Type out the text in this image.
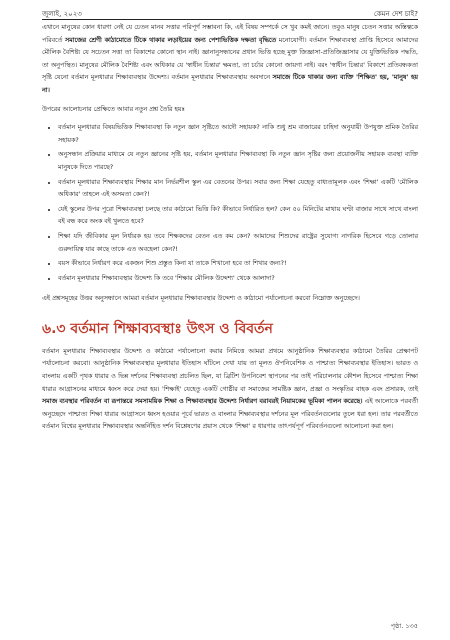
জুলাই, ২০২৩	কেমন দেশ চাই?

এখানে মানুষের কোন ধারণা নেই যে চেতন মানব সত্তার পরিপূর্ণ সম্ভাবনা কি, এই বিষয় সম্পর্কে সে খুব কমই জানে। তবুও মানুষ চেতন সত্তার অস্তিত্বকে পরিবর্তে সমাজের শ্রেণী কাঠামোতে টিকে থাকার লড়াইয়ের জন্য পেশাভিত্তিক দক্ষতা বৃদ্ধিতে মনোযোগী। বর্তমান শিক্ষাব্যবস্থা প্রাপ্তি হিসেবে আমাদের মৌলিক বৈশিষ্ট্য যে সচেতন সত্তা তা বিকাশের কোনো স্থান নাই। জ্ঞানানুসন্ধানের প্রধান ভিত্তি হচ্ছে মুক্ত জিজ্ঞাসা-প্রতিজিজ্ঞাসার যে যুক্তিভিত্তিক পদ্ধতি, তা অনুপস্থিত। মানুষের মৌলিক বৈশিষ্ট্য এবং অধিকার যে 'স্বাধীন চিন্তার' ক্ষমতা, তা চর্চার কোনো জায়গা নাই। বরং 'স্বাধীন চিন্তার' বিকাশে প্রতিবন্ধকতা সৃষ্টি যেনো বর্তমান মূলধারার শিক্ষাব্যবস্থার উদ্দেশ্য। বর্তমান মূলধারার শিক্ষাব্যবস্থায় অবদানে সমাজে টিকে থাকার জন্য ব্যক্তি 'শিক্ষিত' হয়, 'মানুষ' হয় না।

উপরের আলোচনার প্রেক্ষিতে আবার নতুন প্রশ্ন তৈরি হয়ঃ

• বর্তমান মূলধারার বিষয়ভিত্তিক শিক্ষাব্যবস্থা কি নতুন জ্ঞান সৃষ্টিতে আদৌ সহায়ক? নাকি শুধু শ্রম বাজারের চাহিদা অনুযায়ী উপযুক্ত শ্রমিক তৈরির সহায়ক?
• অনুসন্ধান প্রক্রিয়ার মাধ্যমে যে নতুন জ্ঞানের সৃষ্টি হয়, বর্তমান মূলধারার শিক্ষাব্যবস্থা কি নতুন জ্ঞান সৃষ্টির জন্য প্রয়োজনীয় সহায়ক ব্যবস্থা ব্যক্তি মানুষকে দিতে পারছে?
• বর্তমান মূলধারার শিক্ষাব্যবস্থায় শিক্ষার মান নির্ভরশীল স্কুল এর বেতনের উপর। সবার জন্য শিক্ষা যেহেতু বাধ্যতামূলক এবং 'শিক্ষা' একটি 'মৌলিক অধিকার' তাহলে এই অসমতা কেন?!
• যেই স্কুলের উপর পুরো শিক্ষাব্যবস্থা চলছে তার কাঠামো ভিত্তি কি? কীভাবে নির্ধারিত হল? কেন ৫০ মিনিটের মাথায় ঘণ্টা বাজার সাথে সাথে বাংলা বই বন্ধ করে অংক বই খুলতে হবে?
• শিক্ষা যদি জীবিকার মূল নির্ধারক হয় তবে শিক্ষকদের বেতন এত কম কেন? আমাদের শিশুদের রাষ্ট্রের সুযোগ্য নাগরিক হিসেবে গড়ে তোলার গুরুদায়িত্ব যার কাছে তাকে এত অবহেলা কেন?!
• বয়স কীভাবে নির্ধারণ করে একজন শিশু প্রস্তুত কিনা যা তাকে শিখানো হবে তা শিখার জন্য?!
• বর্তমান মূলধারার শিক্ষাব্যবস্থার উদ্দেশ্য কি তবে 'শিক্ষার মৌলিক উদ্দেশ্য' থেকে আলাদা?

এই প্রশ্নসমূহের উত্তর অনুসন্ধানে আমরা বর্তমান মূলধারার শিক্ষাব্যবস্থার উদ্দেশ্য ও কাঠামো পর্যালোচনা করবো নিম্নোক্ত অনুচ্ছেদে।

৬.৩ বর্তমান শিক্ষাব্যবস্থাঃ উৎস ও বিবর্তন

বর্তমান মূলধারার শিক্ষাব্যবস্থার উদ্দেশ্য ও কাঠামো পর্যালোচনা করার নিমিত্তে আমরা প্রথমে আনুষ্ঠানিক শিক্ষাব্যবস্থার কাঠামো তৈরির প্রেক্ষাপট পর্যালোচনা করবো। আনুষ্ঠানিক শিক্ষাব্যবস্থার মূলধারার ইতিহাস ঘাঁটলে দেখা যায় তা মূলত ঔপনিবেশিক ও পাশ্চাত্য শিক্ষাব্যবস্থার ইতিহাস। ভারত ও বাংলায় একটি পৃথক ধারার ও ভিন্ন দর্শনের শিক্ষাব্যবস্থা প্রচলিত ছিল, যা ব্রিটিশ উপনিবেশ স্থাপনের পর তাই পরিচালনার কৌশল হিসেবে পাশ্চাত্য শিক্ষা ধারার আগ্রাসনের মাধ্যমে ধ্বংস করে দেয়া হয়। 'শিক্ষাই' যেহেতু একটি গোষ্ঠীর বা সমাজের সামষ্টিক জ্ঞান, প্রজ্ঞা ও সংস্কৃতির বাহক এবং প্রসারক, তাই সমাজ ব্যবস্থার পরিবর্তন বা রূপান্তরে সমসাময়িক শিক্ষা ও শিক্ষাব্যবস্থার উদ্দেশ্য নির্ধারণ বরাবরই নিয়ামকের ভূমিকা পালন করেছে। এই আলোকে পরবর্তী অনুচ্ছেদে পাশ্চাত্য শিক্ষা ধারার আগ্রাসনে ধ্বংস হওয়ার পূর্বে ভারত ও বাংলার শিক্ষাব্যবস্থার দর্শনের মূল পরিবর্তনগুলোর তুলে ধরা হল। তার পরবর্তীতে বর্তমান বিশ্বের মূলধারার শিক্ষাব্যবস্থার অন্তর্নিহিত দর্শন বিশ্লেষণের প্রয়াস থেকে 'শিক্ষা' র ধারণার তাৎপর্যপূর্ণ পরিবর্তনগুলো আলোচনা করা হল।

পৃষ্ঠা. ১৩৫
